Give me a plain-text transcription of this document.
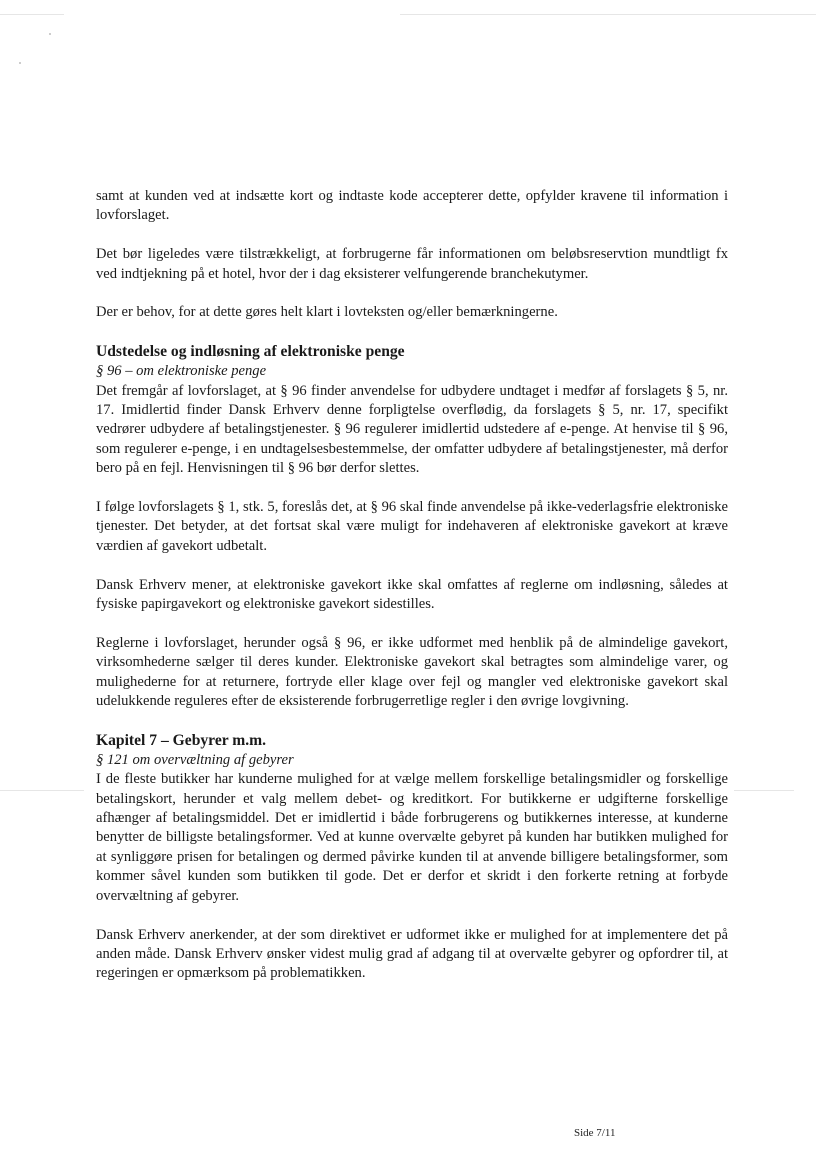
samt at kunden ved at indsætte kort og indtaste kode accepterer dette, opfylder kravene til information i lovforslaget.

Det bør ligeledes være tilstrækkeligt, at forbrugerne får informationen om beløbsreservtion mundtligt fx ved indtjekning på et hotel, hvor der i dag eksisterer velfungerende branchekutymer.

Der er behov, for at dette gøres helt klart i lovteksten og/eller bemærkningerne.

Udstedelse og indløsning af elektroniske penge

§ 96 – om elektroniske penge

Det fremgår af lovforslaget, at § 96 finder anvendelse for udbydere undtaget i medfør af forslagets § 5, nr. 17. Imidlertid finder Dansk Erhverv denne forpligtelse overflødig, da forslagets § 5, nr. 17, specifikt vedrører udbydere af betalingstjenester. § 96 regulerer imidlertid udstedere af e-penge. At henvise til § 96, som regulerer e-penge, i en undtagelsesbestemmelse, der omfatter udbydere af betalingstjenester, må derfor bero på en fejl. Henvisningen til § 96 bør derfor slettes.

I følge lovforslagets § 1, stk. 5, foreslås det, at § 96 skal finde anvendelse på ikke-vederlagsfrie elektroniske tjenester. Det betyder, at det fortsat skal være muligt for indehaveren af elektroniske gavekort at kræve værdien af gavekort udbetalt.

Dansk Erhverv mener, at elektroniske gavekort ikke skal omfattes af reglerne om indløsning, således at fysiske papirgavekort og elektroniske gavekort sidestilles.

Reglerne i lovforslaget, herunder også § 96, er ikke udformet med henblik på de almindelige gavekort, virksomhederne sælger til deres kunder. Elektroniske gavekort skal betragtes som almindelige varer, og mulighederne for at returnere, fortryde eller klage over fejl og mangler ved elektroniske gavekort skal udelukkende reguleres efter de eksisterende forbrugerretlige regler i den øvrige lovgivning.

Kapitel 7 – Gebyrer m.m.

§ 121 om overvæltning af gebyrer

I de fleste butikker har kunderne mulighed for at vælge mellem forskellige betalingsmidler og forskellige betalingskort, herunder et valg mellem debet- og kreditkort. For butikkerne er udgifterne forskellige afhænger af betalingsmiddel. Det er imidlertid i både forbrugerens og butikkernes interesse, at kunderne benytter de billigste betalingsformer. Ved at kunne overvælte gebyret på kunden har butikken mulighed for at synliggøre prisen for betalingen og dermed påvirke kunden til at anvende billigere betalingsformer, som kommer såvel kunden som butikken til gode. Det er derfor et skridt i den forkerte retning at forbyde overvæltning af gebyrer.

Dansk Erhverv anerkender, at der som direktivet er udformet ikke er mulighed for at implementere det på anden måde. Dansk Erhverv ønsker videst mulig grad af adgang til at overvælte gebyrer og opfordrer til, at regeringen er opmærksom på problematikken.

Side 7/11
